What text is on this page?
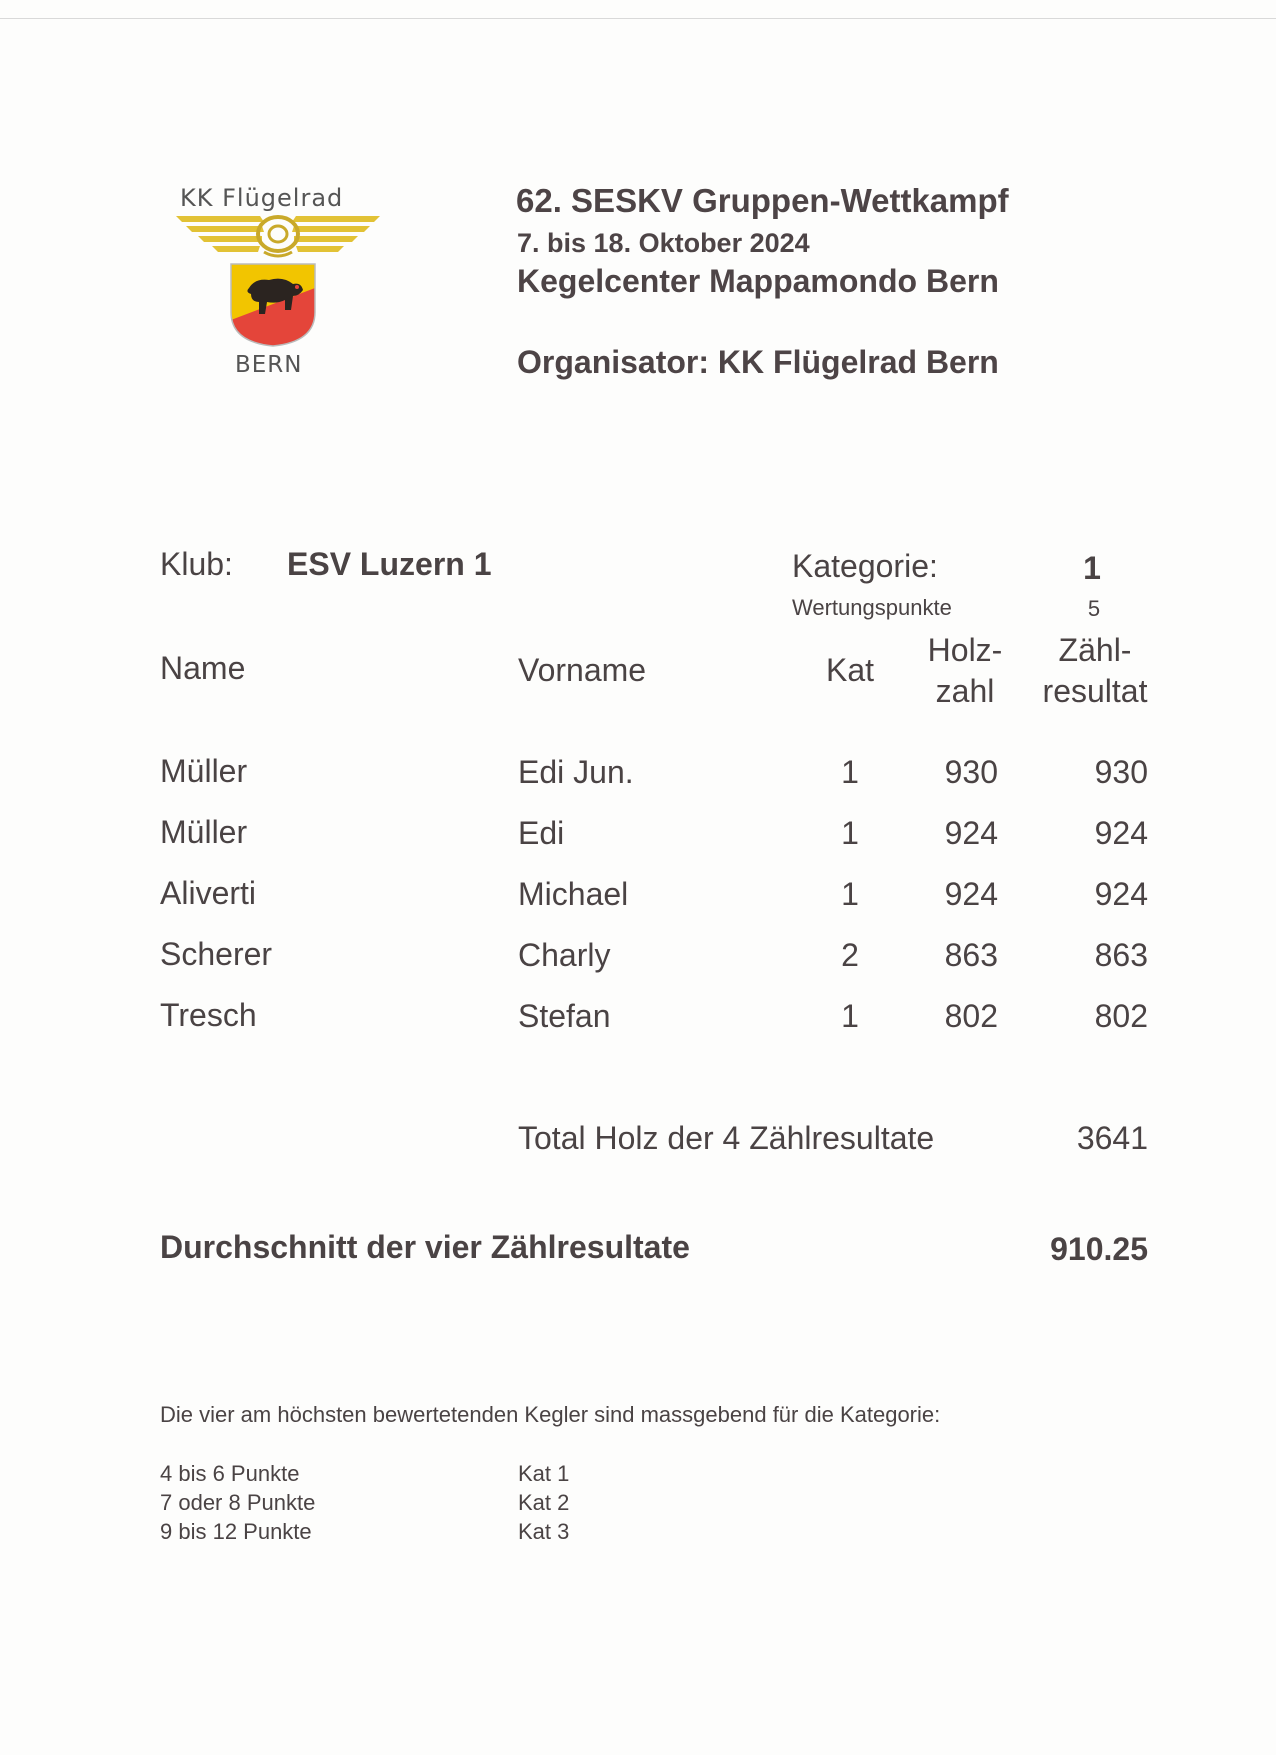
KK Flügelrad
BERN
62. SESKV Gruppen-Wettkampf
7. bis 18. Oktober 2024
Kegelcenter Mappamondo Bern
Organisator: KK Flügelrad Bern
Klub: ESV Luzern 1	Kategorie:	1
Wertungspunkte	5
Name	Vorname	Kat
Holz-
zahl
Zähl-
resultat
Müller	Edi Jun.	1	930	930
Müller	Edi	1	924	924
Aliverti	Michael	1	924	924
Scherer	Charly	2	863	863
Tresch	Stefan	1	802	802
Total Holz der 4 Zählresultate	3641
Durchschnitt der vier Zählresultate	910.25
Die vier am höchsten bewertetenden Kegler sind massgebend für die Kategorie:
4 bis 6 Punkte	Kat 1
7 oder 8 Punkte	Kat 2
9 bis 12 Punkte	Kat 3
